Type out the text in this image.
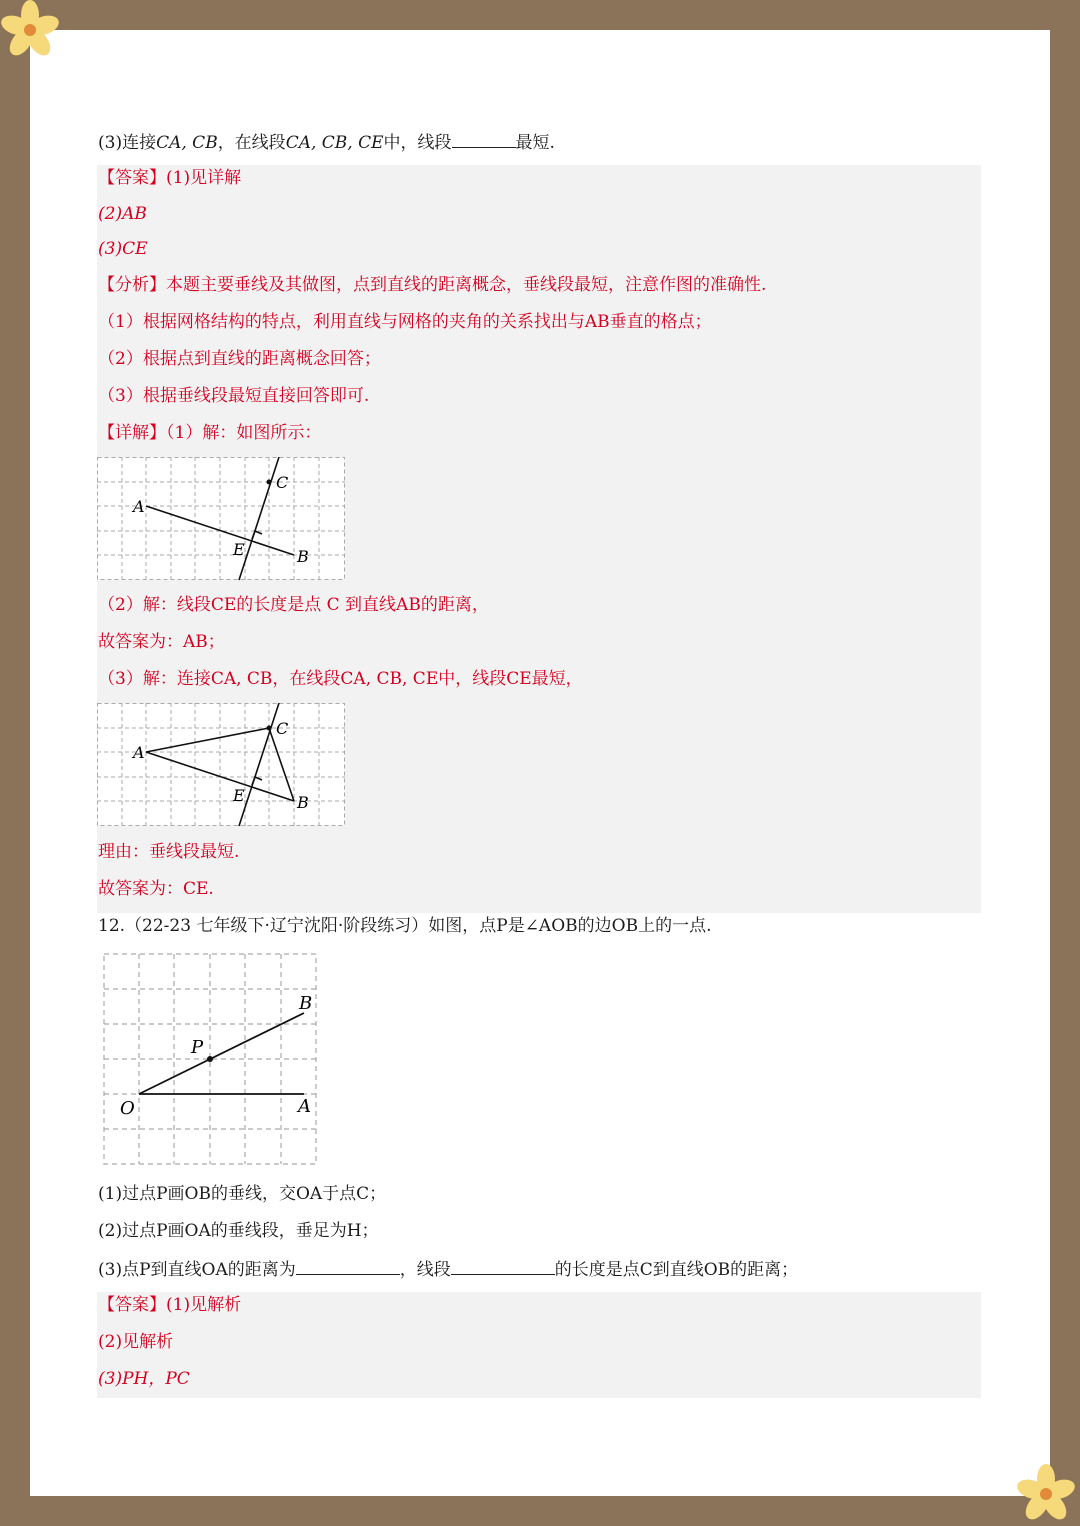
(3)连接CA, CB，在线段CA, CB, CE中，线段	最短.
【答案】(1)见详解
(2)AB
(3)CE
【分析】本题主要垂线及其做图，点到直线的距离概念，垂线段最短，注意作图的准确性.
（1）根据网格结构的特点，利用直线与网格的夹角的关系找出与AB垂直的格点；
（2）根据点到直线的距离概念回答；
（3）根据垂线段最短直接回答即可.
【详解】（1）解：如图所示：
A
C
E	B
（2）解：线段CE的长度是点 C 到直线AB的距离，
故答案为：AB；
（3）解：连接CA, CB，在线段CA, CB, CE中，线段CE最短，
A
C
E	B
理由：垂线段最短.
故答案为：CE.
12.（22-23 七年级下·辽宁沈阳·阶段练习）如图，点P是∠AOB的边OB上的一点.
O	A
B
P
(1)过点P画OB的垂线，交OA于点C；
(2)过点P画OA的垂线段，垂足为H；
(3)点P到直线OA的距离为	，线段	的长度是点C到直线OB的距离；
【答案】(1)见解析
(2)见解析
(3)PH，PC
